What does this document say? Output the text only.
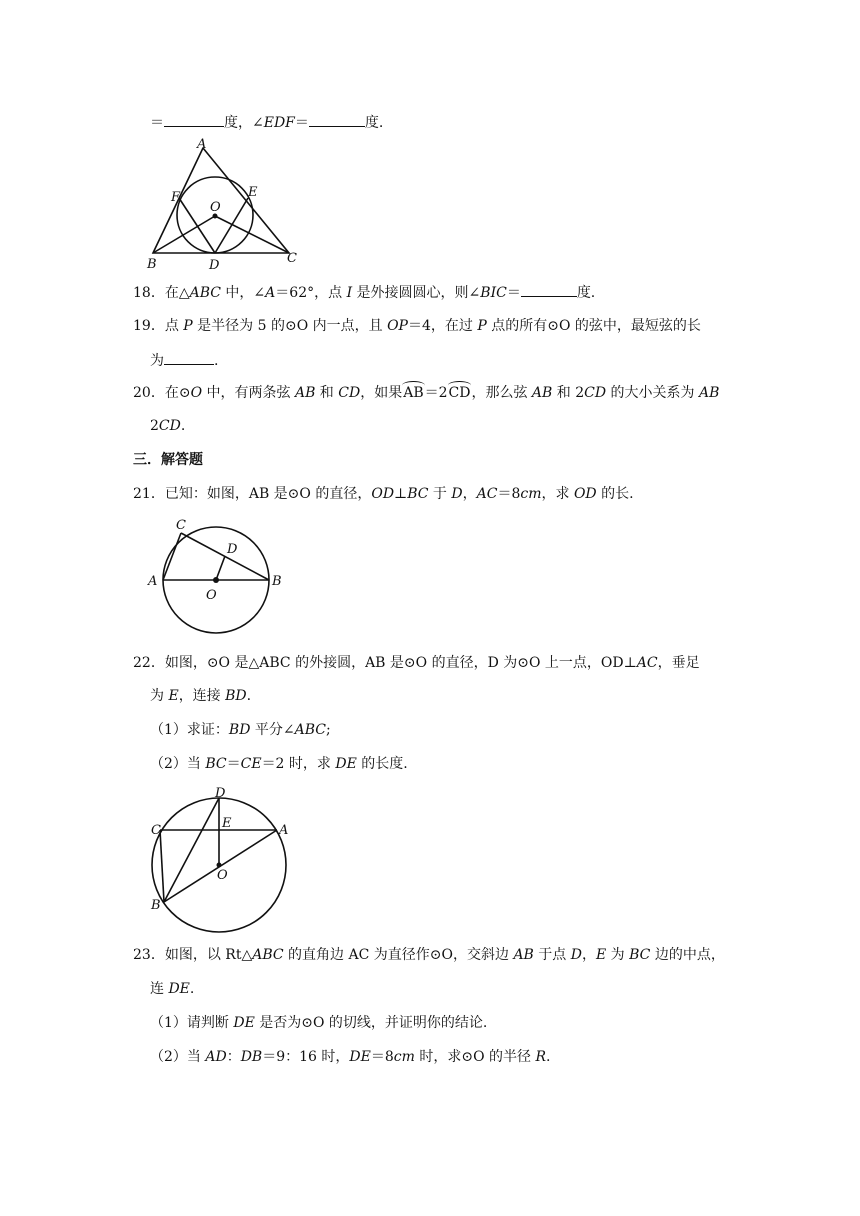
＝	度，∠EDF＝	度.
A
F	E
O
B	D	C
18．在△ABC 中，∠A＝62°，点 I 是外接圆圆心，则∠BIC＝	度.
19．点 P 是半径为 5 的⊙O 内一点，且 OP＝4，在过 P 点的所有⊙O 的弦中，最短弦的长
为	.
20．在⊙O 中，有两条弦 AB 和 CD，如果AB＝2CD，那么弦 AB 和 2CD 的大小关系为 AB
2CD.
三．解答题
21．已知：如图，AB 是⊙O 的直径，OD⊥BC 于 D，AC＝8cm，求 OD 的长.
C
D
A
O
B
22．如图，⊙O 是△ABC 的外接圆，AB 是⊙O 的直径，D 为⊙O 上一点，OD⊥AC，垂足
为 E，连接 BD.
（1）求证：BD 平分∠ABC;
（2）当 BC＝CE＝2 时，求 DE 的长度.
D
C	E	A
O
B
23．如图，以 Rt△ABC 的直角边 AC 为直径作⊙O，交斜边 AB 于点 D，E 为 BC 边的中点，
连 DE.
（1）请判断 DE 是否为⊙O 的切线，并证明你的结论.
（2）当 AD：DB＝9：16 时，DE＝8cm 时，求⊙O 的半径 R.
